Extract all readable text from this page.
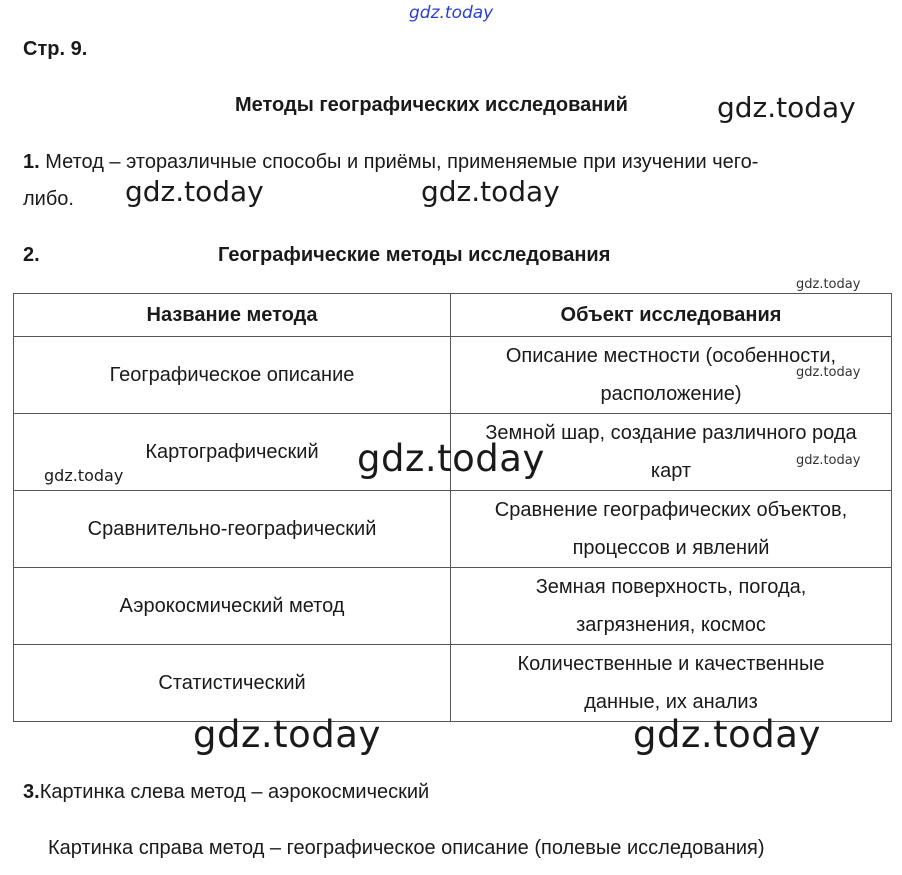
gdz.today
Стр. 9.
Методы географических исследований	gdz.today
1. Метод – эторазличные способы и приёмы, применяемые при изучении чего-
либо. gdz.today	gdz.today
2.	Географические методы исследования
gdz.today
Название метода	Объект исследования
Географическое описание	Описание местности (особенности,
расположение)
Картографический	Земной шар, создание различного рода
карт
Сравнительно-географический	Сравнение географических объектов,
процессов и явлений
Аэрокосмический метод	Земная поверхность, погода,
загрязнения, космос
Статистический	Количественные и качественные
данные, их анализ
gdz.today
gdz.today
gdz.today	gdz.today
gdz.today	gdz.today
3.Картинка слева метод – аэрокосмический
Картинка справа метод – географическое описание (полевые исследования)
